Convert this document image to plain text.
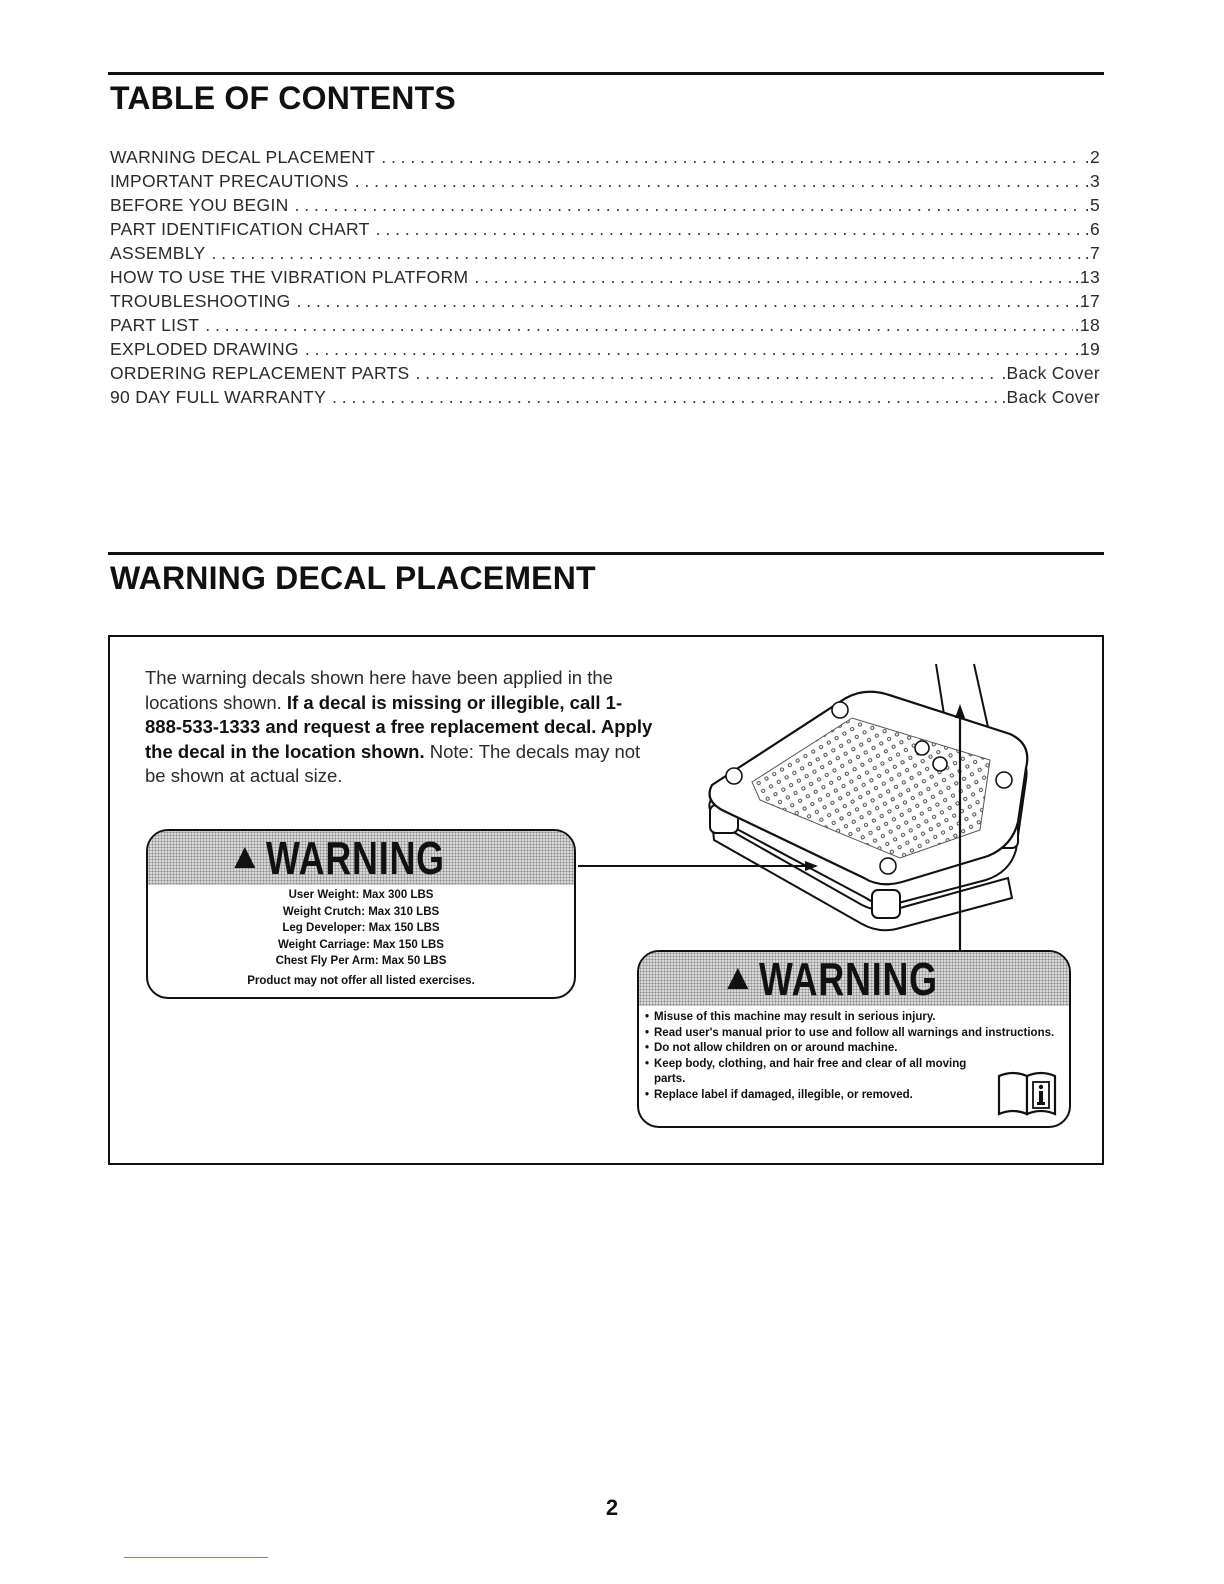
TABLE OF CONTENTS
WARNING DECAL PLACEMENT . . .	.2
IMPORTANT PRECAUTIONS . . .	.3
BEFORE YOU BEGIN . . .	.5
PART IDENTIFICATION CHART . . .	.6
ASSEMBLY . . .	.7
HOW TO USE THE VIBRATION PLATFORM . . .	.13
TROUBLESHOOTING . . .	.17
PART LIST . . .	.18
EXPLODED DRAWING . . .	.19
ORDERING REPLACEMENT PARTS . . .	.Back Cover
90 DAY FULL WARRANTY . . .	.Back Cover
WARNING DECAL PLACEMENT

The warning decals shown here have been applied in the locations shown. If a decal is missing or illegible, call 1-888-533-1333 and request a free replacement decal. Apply the decal in the location shown. Note: The decals may not be shown at actual size.

▲ WARNING
User Weight: Max 300 LBS
Weight Crutch: Max 310 LBS
Leg Developer: Max 150 LBS
Weight Carriage: Max 150 LBS
Chest Fly Per Arm: Max 50 LBS
Product may not offer all listed exercises.	▲ WARNING
• Misuse of this machine may result in serious injury.
• Read user's manual prior to use and follow all warnings and instructions.
• Do not allow children on or around machine.
• Keep body, clothing, and hair free and clear of all moving parts.
• Replace label if damaged, illegible, or removed.
2
